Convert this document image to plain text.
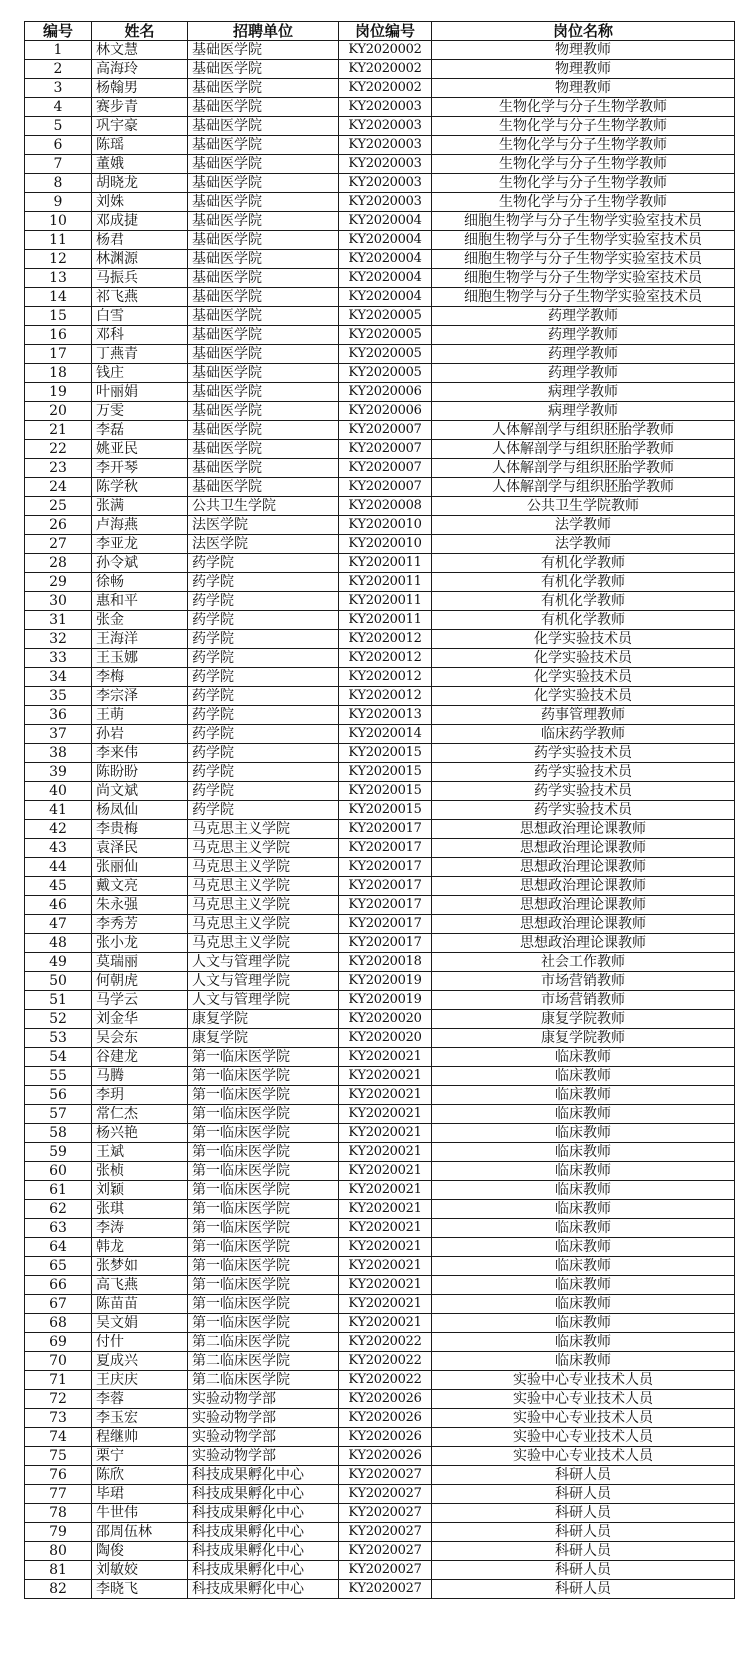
编号	姓名	招聘单位	岗位编号	岗位名称
1	林文慧	基础医学院	KY2020002	物理教师
2	高海玲	基础医学院	KY2020002	物理教师
3	杨翰男	基础医学院	KY2020002	物理教师
4	赛步青	基础医学院	KY2020003	生物化学与分子生物学教师
5	巩宇豪	基础医学院	KY2020003	生物化学与分子生物学教师
6	陈瑶	基础医学院	KY2020003	生物化学与分子生物学教师
7	董娥	基础医学院	KY2020003	生物化学与分子生物学教师
8	胡晓龙	基础医学院	KY2020003	生物化学与分子生物学教师
9	刘姝	基础医学院	KY2020003	生物化学与分子生物学教师
10	邓成捷	基础医学院	KY2020004	细胞生物学与分子生物学实验室技术员
11	杨君	基础医学院	KY2020004	细胞生物学与分子生物学实验室技术员
12	林渊源	基础医学院	KY2020004	细胞生物学与分子生物学实验室技术员
13	马振兵	基础医学院	KY2020004	细胞生物学与分子生物学实验室技术员
14	祁飞燕	基础医学院	KY2020004	细胞生物学与分子生物学实验室技术员
15	白雪	基础医学院	KY2020005	药理学教师
16	邓科	基础医学院	KY2020005	药理学教师
17	丁燕青	基础医学院	KY2020005	药理学教师
18	钱庄	基础医学院	KY2020005	药理学教师
19	叶丽娟	基础医学院	KY2020006	病理学教师
20	万雯	基础医学院	KY2020006	病理学教师
21	李磊	基础医学院	KY2020007	人体解剖学与组织胚胎学教师
22	姚亚民	基础医学院	KY2020007	人体解剖学与组织胚胎学教师
23	李开琴	基础医学院	KY2020007	人体解剖学与组织胚胎学教师
24	陈学秋	基础医学院	KY2020007	人体解剖学与组织胚胎学教师
25	张满	公共卫生学院	KY2020008	公共卫生学院教师
26	卢海燕	法医学院	KY2020010	法学教师
27	李亚龙	法医学院	KY2020010	法学教师
28	孙令斌	药学院	KY2020011	有机化学教师
29	徐畅	药学院	KY2020011	有机化学教师
30	惠和平	药学院	KY2020011	有机化学教师
31	张金	药学院	KY2020011	有机化学教师
32	王海洋	药学院	KY2020012	化学实验技术员
33	王玉娜	药学院	KY2020012	化学实验技术员
34	李梅	药学院	KY2020012	化学实验技术员
35	李宗泽	药学院	KY2020012	化学实验技术员
36	王萌	药学院	KY2020013	药事管理教师
37	孙岩	药学院	KY2020014	临床药学教师
38	李来伟	药学院	KY2020015	药学实验技术员
39	陈盼盼	药学院	KY2020015	药学实验技术员
40	尚文斌	药学院	KY2020015	药学实验技术员
41	杨凤仙	药学院	KY2020015	药学实验技术员
42	李贵梅	马克思主义学院	KY2020017	思想政治理论课教师
43	袁泽民	马克思主义学院	KY2020017	思想政治理论课教师
44	张丽仙	马克思主义学院	KY2020017	思想政治理论课教师
45	戴文亮	马克思主义学院	KY2020017	思想政治理论课教师
46	朱永强	马克思主义学院	KY2020017	思想政治理论课教师
47	李秀芳	马克思主义学院	KY2020017	思想政治理论课教师
48	张小龙	马克思主义学院	KY2020017	思想政治理论课教师
49	莫瑞丽	人文与管理学院	KY2020018	社会工作教师
50	何朝虎	人文与管理学院	KY2020019	市场营销教师
51	马学云	人文与管理学院	KY2020019	市场营销教师
52	刘金华	康复学院	KY2020020	康复学院教师
53	吴会东	康复学院	KY2020020	康复学院教师
54	谷建龙	第一临床医学院	KY2020021	临床教师
55	马腾	第一临床医学院	KY2020021	临床教师
56	李玥	第一临床医学院	KY2020021	临床教师
57	常仁杰	第一临床医学院	KY2020021	临床教师
58	杨兴艳	第一临床医学院	KY2020021	临床教师
59	王斌	第一临床医学院	KY2020021	临床教师
60	张桢	第一临床医学院	KY2020021	临床教师
61	刘颖	第一临床医学院	KY2020021	临床教师
62	张琪	第一临床医学院	KY2020021	临床教师
63	李涛	第一临床医学院	KY2020021	临床教师
64	韩龙	第一临床医学院	KY2020021	临床教师
65	张梦如	第一临床医学院	KY2020021	临床教师
66	高飞燕	第一临床医学院	KY2020021	临床教师
67	陈苗苗	第一临床医学院	KY2020021	临床教师
68	吴文娟	第一临床医学院	KY2020021	临床教师
69	付什	第二临床医学院	KY2020022	临床教师
70	夏成兴	第二临床医学院	KY2020022	临床教师
71	王庆庆	第二临床医学院	KY2020022	实验中心专业技术人员
72	李蓉	实验动物学部	KY2020026	实验中心专业技术人员
73	李玉宏	实验动物学部	KY2020026	实验中心专业技术人员
74	程继帅	实验动物学部	KY2020026	实验中心专业技术人员
75	栗宁	实验动物学部	KY2020026	实验中心专业技术人员
76	陈欣	科技成果孵化中心	KY2020027	科研人员
77	毕珺	科技成果孵化中心	KY2020027	科研人员
78	牛世伟	科技成果孵化中心	KY2020027	科研人员
79	邵周伍林	科技成果孵化中心	KY2020027	科研人员
80	陶俊	科技成果孵化中心	KY2020027	科研人员
81	刘敏姣	科技成果孵化中心	KY2020027	科研人员
82	李晓飞	科技成果孵化中心	KY2020027	科研人员
